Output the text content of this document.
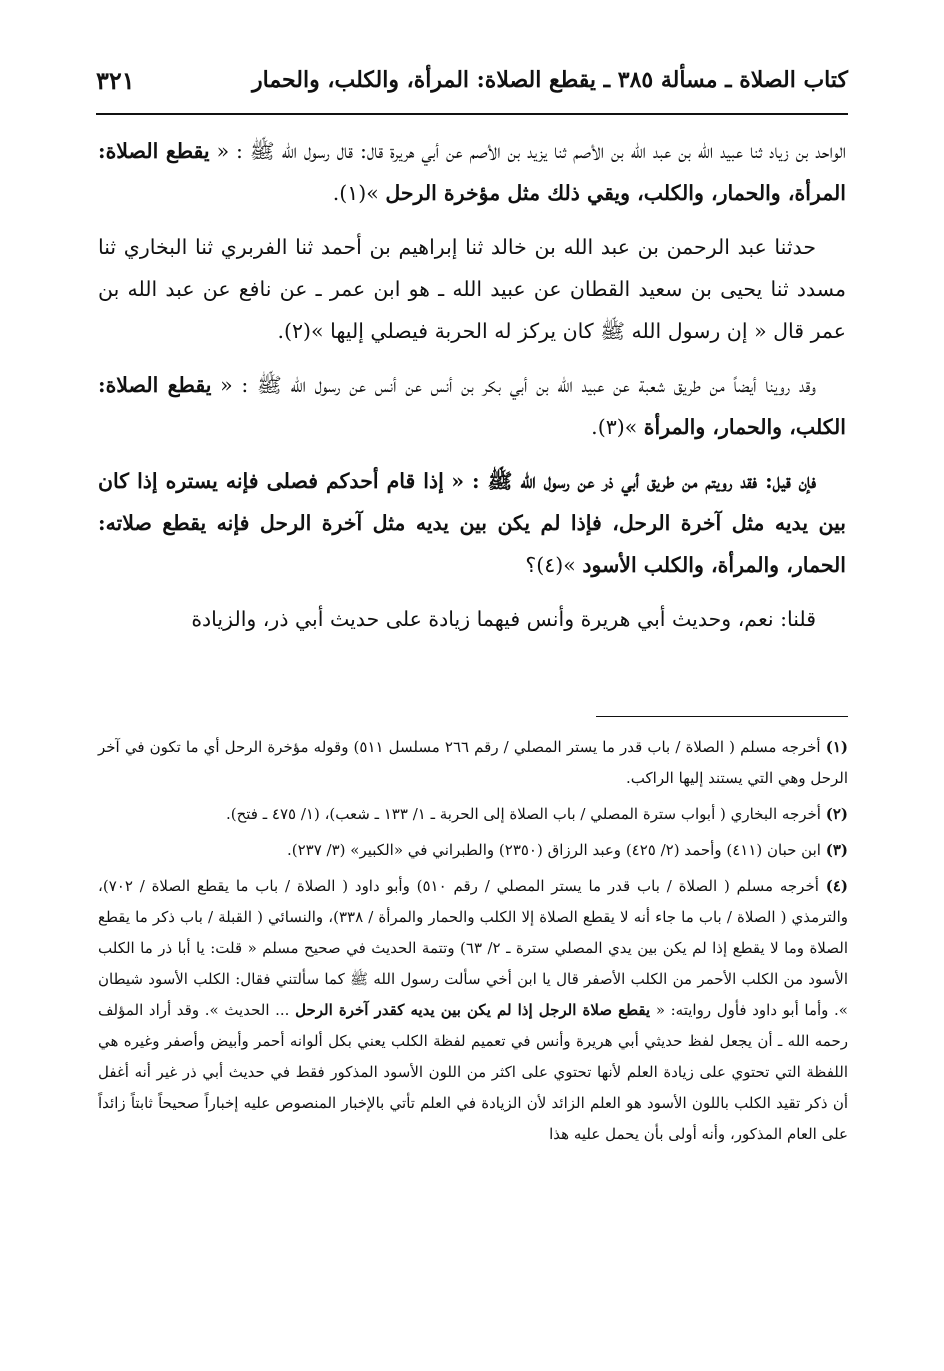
كتاب الصلاة ـ مسألة ٣٨٥ ـ يقطع الصلاة: المرأة، والكلب، والحمار
٣٢١

الواحد بن زياد ثنا عبيد الله بن عبد الله بن الأصم ثنا يزيد بن الأصم عن أبي هريرة قال: قال رسول الله ﷺ : « يقطع الصلاة: المرأة، والحمار، والكلب، ويقي ذلك مثل مؤخرة الرحل »(١).

حدثنا عبد الرحمن بن عبد الله بن خالد ثنا إبراهيم بن أحمد ثنا الفربري ثنا البخاري ثنا مسدد ثنا يحيى بن سعيد القطان عن عبيد الله ـ هو ابن عمر ـ عن نافع عن عبد الله بن عمر قال « إن رسول الله ﷺ كان يركز له الحربة فيصلي إليها »(٢).

وقد روينا أيضاً من طريق شعبة عن عبيد الله بن أبي بكر بن أنس عن أنس عن رسول الله ﷺ : « يقطع الصلاة: الكلب، والحمار، والمرأة »(٣).

فإن قيل: فقد رويتم من طريق أبي ذر عن رسول الله ﷺ : « إذا قام أحدكم فصلى فإنه يستره إذا كان بين يديه مثل آخرة الرحل، فإذا لم يكن بين يديه مثل آخرة الرحل فإنه يقطع صلاته: الحمار، والمرأة، والكلب الأسود »(٤)؟

قلنا: نعم، وحديث أبي هريرة وأنس فيهما زيادة على حديث أبي ذر، والزيادة

(١) أخرجه مسلم ( الصلاة / باب قدر ما يستر المصلي / رقم ٢٦٦ مسلسل ٥١١) وقوله مؤخرة الرحل أي ما تكون في آخر الرحل وهي التي يستند إليها الراكب.

(٢) أخرجه البخاري ( أبواب سترة المصلي / باب الصلاة إلى الحربة ـ ١/ ١٣٣ ـ شعب)، (١/ ٤٧٥ ـ فتح).

(٣) ابن حبان (٤١١) وأحمد (٢/ ٤٢٥) وعبد الرزاق (٢٣٥٠) والطبراني في «الكبير» (٣/ ٢٣٧).

(٤) أخرجه مسلم ( الصلاة / باب قدر ما يستر المصلي / رقم ٥١٠) وأبو داود ( الصلاة / باب ما يقطع الصلاة / ٧٠٢)، والترمذي ( الصلاة / باب ما جاء أنه لا يقطع الصلاة إلا الكلب والحمار والمرأة / ٣٣٨)، والنسائي ( القبلة / باب ذكر ما يقطع الصلاة وما لا يقطع إذا لم يكن بين يدي المصلي سترة ـ ٢/ ٦٣) وتتمة الحديث في صحيح مسلم « قلت: يا أبا ذر ما الكلب الأسود من الكلب الأحمر من الكلب الأصفر قال يا ابن أخي سألت رسول الله ﷺ كما سألتني فقال: الكلب الأسود شيطان ». وأما أبو داود فأول روايته: « يقطع صلاة الرجل إذا لم يكن بين يديه كقدر آخرة الرحل ... الحديث ». وقد أراد المؤلف رحمه الله ـ أن يجعل لفظ حديثي أبي هريرة وأنس في تعميم لفظة الكلب يعني بكل ألوانه أحمر وأبيض وأصفر وغيره هي اللفظة التي تحتوي على زيادة العلم لأنها تحتوي على اكثر من اللون الأسود المذكور فقط في حديث أبي ذر غير أنه أغفل أن ذكر تقيد الكلب باللون الأسود هو العلم الزائد لأن الزيادة في العلم تأتي بالإخبار المنصوص عليه إخباراً صحيحاً ثابتاً زائداً على العام المذكور، وأنه أولى بأن يحمل عليه هذا
